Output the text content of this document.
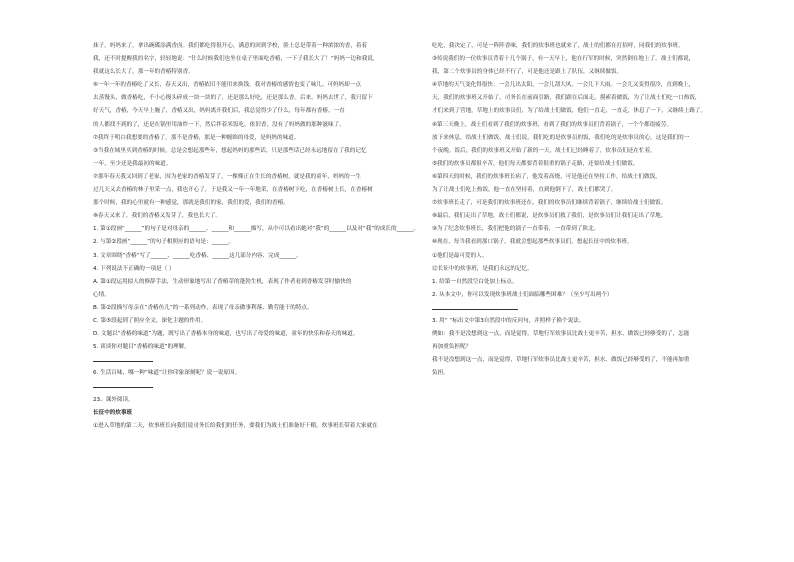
抹子。妈妈来了，拿出碗碟添满香卤。我们都吃得很开心，满意的回到学校，脸上总是带着一种浓浓的香，着着

我，还不时提醒我的名字，轻轻地说：“什么时候我们也坐在桌子里面吃香椿，一下子我长大了！”妈妈一边和我说，

我就这么长大了，那一年的香椿特别香。

⑥一年一年的香椿吃了又长，春天又出，香椿依旧不能用来换钱，我对香椿的感情也变了味儿。可妈妈却一点

去蒸馒头，做香椿吃，不小心馒头碎成一块一块的了，还是那么好吃，还是那么香。后来，妈妈去世了，我只留下

好天气，香椿，今天早上腌了，香椿又出，妈妈离开我们后，我总觉得少了什么，每年都有香椿。一直

的人都找不到的了，还是在锅里用油炸一下，然后拌着米饭吃，依旧香，没有了妈妈做的那种滋味了。

⑦我终于明白我想要的香椿了，那不是香椿，那是一种缠绵的母爱，是妈妈的味道。

③当我在城里买到香椿的时候，总是会想起那些年，想起妈妈的那些话，只是那些话已经永远地留在了我的记忆

一年，至少还是我最初的味道。

⑦那年春天我又回到了老家，因为老家的香椿发芽了，一棵棵正在生长的香椿树，就是我的童年，妈妈的一生

过几天又去香椿的林子里采一点，我也开心了，于是我又一年一年地采，在香椿树下吃，在香椿树上长，在香椿树

那个时候，我的心里就有一种感觉，那就是我们的家，我们的爱，我们的香椿。

⑧春天又来了，我们的香椿又发芽了，我也长大了。

1. 第①段画“______”的句子是对母亲的______、______和______描写，从中可以看出她对“我”的______以及对“我”的成长的______。

2. 与第②段画“______”的句子相照应的语句是：______。

3. 文章围绕“香椿”写了______、______吃香椿、______这几部分内容，完成______。

4. 下列说法不正确的一项是（ ）

A. 第①段运用拟人的修辞手法，生动形象地写出了香椿芽的蓬勃生机，表现了作者看到香椿发芽时愉快的

心情。

B. 第②段描写母亲在“香椿鱼儿”的一系列动作，表现了母亲做事利落、勤劳能干的特点。

C. 第⑤段起到了照应全文，深化主题的作用。

D. 文题以“香椿的味道”为题，既写出了香椿本身的味道，也写出了母爱的味道，童年的快乐和春天的味道。

5. 谈谈你对题目“香椿的味道”的理解。

6. 生活百味，哪一种“味道”让你印象深刻呢？说一说原因。

23、课外阅读。

长征中的炊事班

①进入草地的第二天，炊事班长向我们说司务长给我们的任务，要我们为战士们准备好干粮，炊事班长带着大家就在

吃吃，我决定了，可是一阵阵香味，我们的炊事班也就来了，战士的们都在打招呼，同我们的炊事班。

③传说我们的一位炊事员背着十几个锅子，有一天早上，他在行军的时候，突然倒在地上了，战士们都说，

我，第二个炊事员的身体已经不行了，可是他还是跟上了队伍，又继续做饭。

④草地的天气变化得很快：一会儿出太阳，一会儿刮大风，一会儿下大雨。一会儿又变得很冷，直到晚上，

天，我们的炊事班又开始了，司务长在前面引路，我们跟在后面走，摸索着做饭，为了让战士们吃一口热饭，

才们来到了营地，草地上的炊事员们，为了给战士们做饭，他们一直走，一直走，休息了一下，又继续上路了。

④第三天晚上，战士们看到了我们的炊事班，看到了我们的炊事员们背着锅子，一个个都很疲劳。

放下来休息，给战士们做饭，战士们说，我们吃的是炊事员的饭，我们吃的是炊事员的心。这是我们的一

个夜晚。饭后，我们的炊事班又开始了新的一天，战士们已经睡着了，炊事员们还在忙着。

⑤我们的炊事员都很辛苦，他们每天都要背着很重的锅子走路，还要给战士们做饭。

⑥第四天的时候，我们的炊事班长病了，他发着高烧，可是他还在坚持工作，给战士们做饭，

为了让战士们吃上热饭，他一直在坚持着，直到他倒下了，战士们都哭了。

⑦炊事班长走了，可是我们的炊事班还在，我们的炊事员们继续背着锅子，继续给战士们做饭。

⑧最后，我们走出了草地，战士们都说，是炊事员们救了我们，是炊事员们让我们走出了草地。

⑨为了纪念炊事班长，我们把他的锅子一直带着，一直带到了陕北。

⑩现在，每当我看到那口锅子，我就会想起那些炊事员们，想起长征中的炊事班。

①他们是最可爱的人。

⑫长征中的炊事班，是我们永远的记忆。

1. 给第一自然段空白处加上标点。

2. 从本文中，你可以发现炊事班战士们面临哪些困难？（至少写出两个）

3. 用“ ”标出文中第3自然段中的反问句，并照样子换个说法。

例如：我不是没想到这一点，而是觉得，草地行军炊事员比战士更辛苦，担水、做饭已经够受的了，怎能

再加重负担呢？

我不是没想到这一点，而是觉得，草地行军炊事员比战士更辛苦，担水、做饭已经够受的了，不能再加重

负担。
